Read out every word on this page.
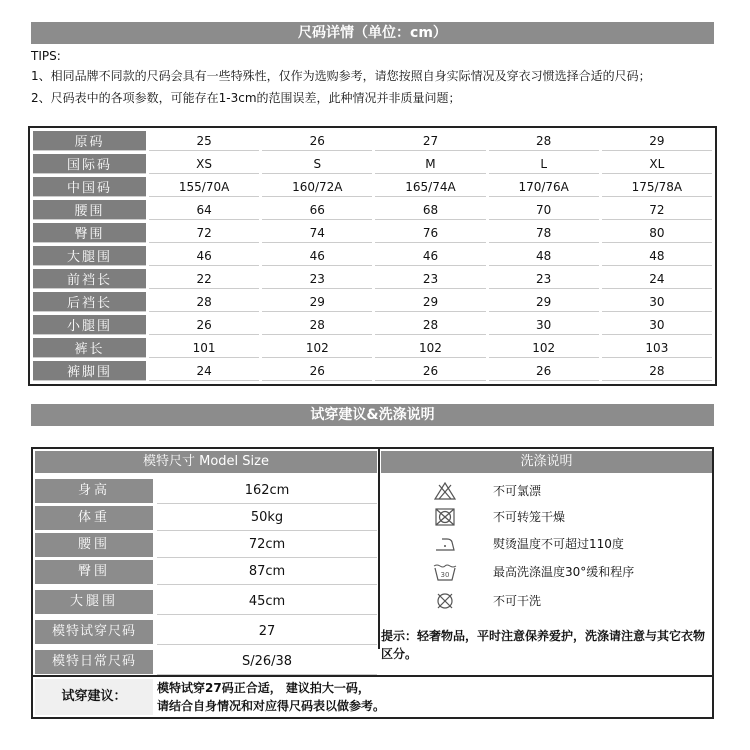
尺码详情（单位：cm）
TIPS:
1、相同品牌不同款的尺码会具有一些特殊性，仅作为选购参考，请您按照自身实际情况及穿衣习惯选择合适的尺码；
2、尺码表中的各项参数，可能存在1-3cm的范围误差，此种情况并非质量问题；
原码	25	26	27	28	29
国际码	XS	S	M	L	XL
中国码	155/70A	160/72A	165/74A	170/76A	175/78A
腰围	64	66	68	70	72
臀围	72	74	76	78	80
大腿围	46	46	46	48	48
前裆长	22	23	23	23	24
后裆长	28	29	29	29	30
小腿围	26	28	28	30	30
裤长	101	102	102	102	103
裤脚围	24	26	26	26	28
试穿建议&洗涤说明
模特尺寸 Model Size	洗涤说明
身高	162cm
体重	50kg
腰围	72cm
臀围	87cm
大腿围	45cm
模特试穿尺码	27
模特日常尺码	S/26/38
不可氯漂
不可转笼干燥
熨烫温度不可超过110度
30	最高洗涤温度30°缓和程序
不可干洗
提示：轻奢物品，平时注意保养爱护，洗涤请注意与其它衣物区分。
试穿建议：
模特试穿27码正合适， 建议拍大一码，
请结合自身情况和对应得尺码表以做参考。
